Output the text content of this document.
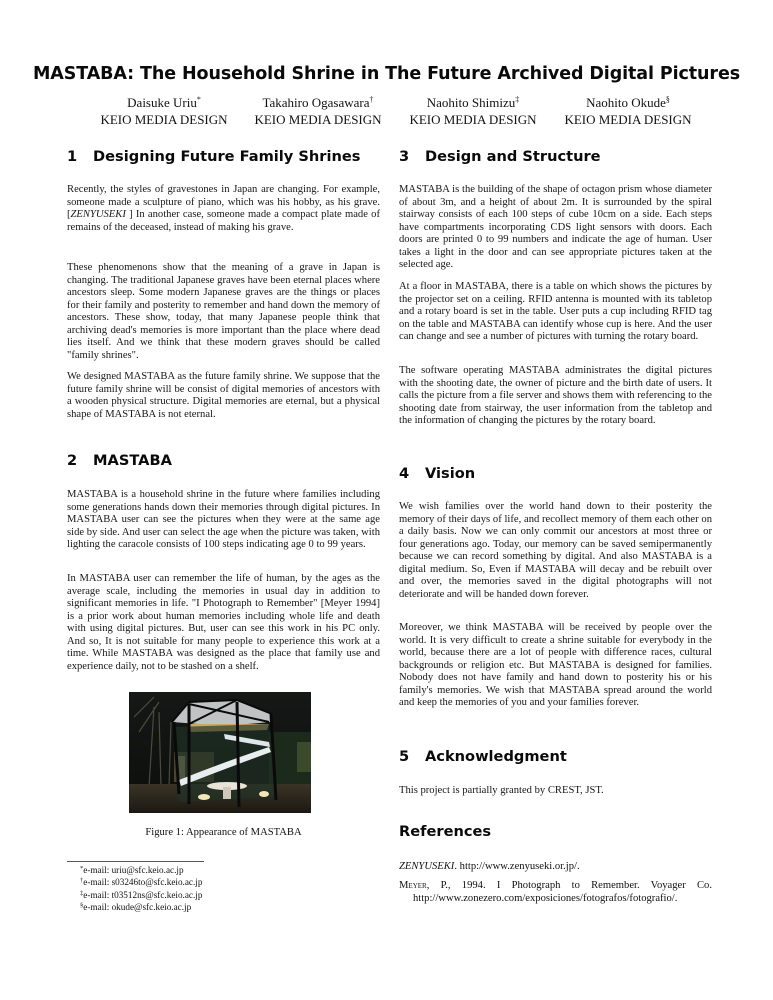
MASTABA: The Household Shrine in The Future Archived Digital Pictures
Daisuke Uriu*
KEIO MEDIA DESIGN
Takahiro Ogasawara†
KEIO MEDIA DESIGN
Naohito Shimizu‡
KEIO MEDIA DESIGN
Naohito Okude§
KEIO MEDIA DESIGN
1 Designing Future Family Shrines
Recently, the styles of gravestones in Japan are changing. For example, someone made a sculpture of piano, which was his hobby, as his grave.[ZENYUSEKI ] In another case, someone made a compact plate made of remains of the deceased, instead of making his grave.
These phenomenons show that the meaning of a grave in Japan is changing. The traditional Japanese graves have been eternal places where ancestors sleep. Some modern Japanese graves are the things or places for their family and posterity to remember and hand down the memory of ancestors. These show, today, that many Japanese people think that archiving dead's memories is more important than the place where dead lies itself. And we think that these modern graves should be called "family shrines".
We designed MASTABA as the future family shrine. We suppose that the future family shrine will be consist of digital memories of ancestors with a wooden physical structure. Digital memories are eternal, but a physical shape of MASTABA is not eternal.
2 MASTABA
MASTABA is a household shrine in the future where families including some generations hands down their memories through digital pictures. In MASTABA user can see the pictures when they were at the same age side by side. And user can select the age when the picture was taken, with lighting the caracole consists of 100 steps indicating age 0 to 99 years.
In MASTABA user can remember the life of human, by the ages as the average scale, including the memories in usual day in addition to significant memories in life. "I Photograph to Remember" [Meyer 1994] is a prior work about human memories including whole life and death with using digital pictures. But, user can see this work in his PC only. And so, It is not suitable for many people to experience this work at a time. While MASTABA was designed as the place that family use and experience daily, not to be stashed on a shelf.
Figure 1: Appearance of MASTABA
*e-mail: uriu@sfc.keio.ac.jp
†e-mail: s03246to@sfc.keio.ac.jp
‡e-mail: t03512ns@sfc.keio.ac.jp
§e-mail: okude@sfc.keio.ac.jp
3 Design and Structure
MASTABA is the building of the shape of octagon prism whose diameter of about 3m, and a height of about 2m. It is surrounded by the spiral stairway consists of each 100 steps of cube 10cm on a side. Each steps have compartments incorporating CDS light sensors with doors. Each doors are printed 0 to 99 numbers and indicate the age of human. User takes a light in the door and can see appropriate pictures taken at the selected age.
At a floor in MASTABA, there is a table on which shows the pictures by the projector set on a ceiling. RFID antenna is mounted with its tabletop and a rotary board is set in the table. User puts a cup including RFID tag on the table and MASTABA can identify whose cup is here. And the user can change and see a number of pictures with turning the rotary board.
The software operating MASTABA administrates the digital pictures with the shooting date, the owner of picture and the birth date of users. It calls the picture from a file server and shows them with referencing to the shooting date from stairway, the user information from the tabletop and the information of changing the pictures by the rotary board.
4 Vision
We wish families over the world hand down to their posterity the memory of their days of life, and recollect memory of them each other on a daily basis. Now we can only commit our ancestors at most three or four generations ago. Today, our memory can be saved semipermanently because we can record something by digital. And also MASTABA is a digital medium. So, Even if MASTABA will decay and be rebuilt over and over, the memories saved in the digital photographs will not deteriorate and will be handed down forever.
Moreover, we think MASTABA will be received by people over the world. It is very difficult to create a shrine suitable for everybody in the world, because there are a lot of people with difference races, cultural backgrounds or religion etc. But MASTABA is designed for families. Nobody does not have family and hand down to posterity his or his family's memories. We wish that MASTABA spread around the world and keep the memories of you and your families forever.
5 Acknowledgment
This project is partially granted by CREST, JST.
References
ZENYUSEKI. http://www.zenyuseki.or.jp/.
Meyer, P., 1994. I Photograph to Remember. Voyager Co.
http://www.zonezero.com/exposiciones/fotografos/fotografio/.
